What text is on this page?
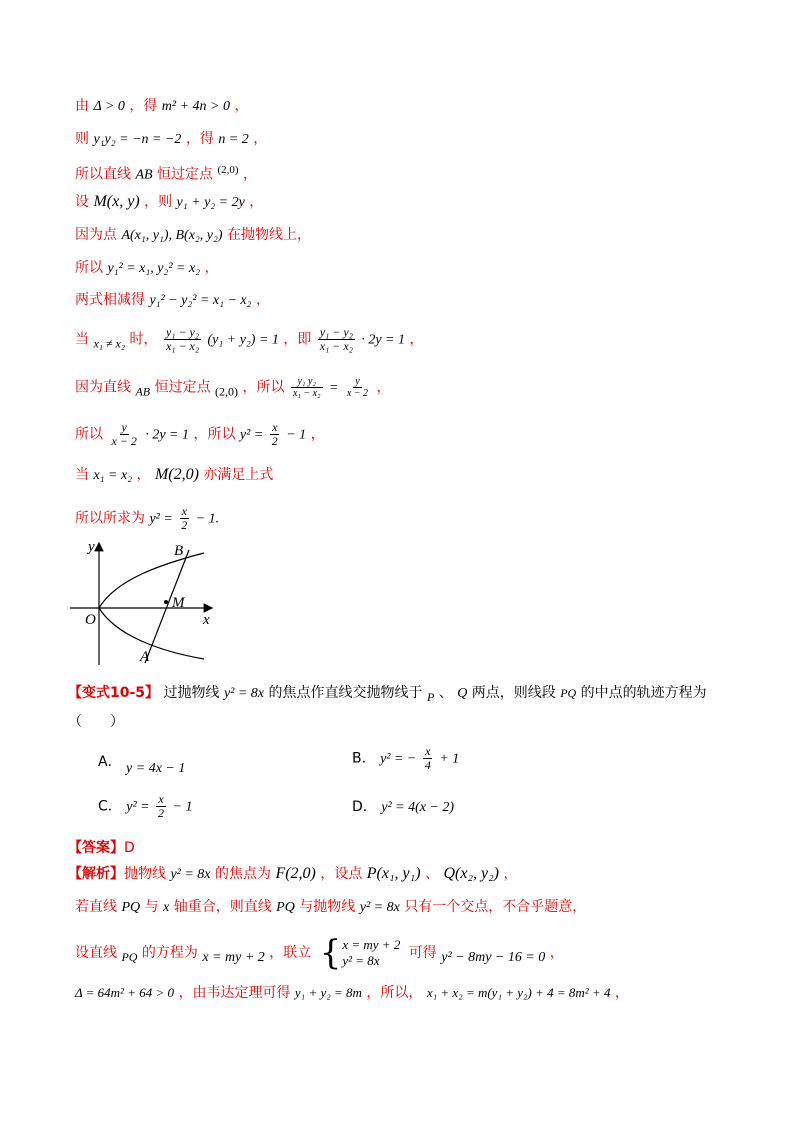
由 Δ > 0 ，得 m² + 4n > 0 ，
则 y₁y₂ = −n = −2 ，得 n = 2 ，
所以直线 AB 恒过定点 $^{(2,0)}$ ，
设 M(x, y) ，则 y₁ + y₂ = 2y ，
因为点 A(x₁, y₁), B(x₂, y₂) 在抛物线上，
所以 y₁² = x₁, y₂² = x₂ ，
两式相减得 y₁² − y₂² = x₁ − x₂ ，
当 x₁ ≠ x₂ 时， $\frac{\text{y₁ − y₂}}{\text{x₁ − x₂}} (y_1 + y_2) = 1$ ，即 $\frac{\text{y₁ − y₂}}{\text{x₁ − x₂}} \cdot 2y = 1$ ，
因为直线 AB 恒过定点 (2,0) ，所以 $\frac{\text{y₁ y₂}}{\text{x₁ − x₂}} = \frac{y}{x - 2}$ ，
所以 $\frac{y}{x - 2} \cdot 2y = 1$ ，所以 $y^2 = \frac{x}{2} - 1$ ，
当 x₁ = x₂ ， M(2,0) 亦满足上式
所以所求为 $y^2 = \frac{x}{2} - 1$.
y
x
O
B
A
M
【变式10-5】 过抛物线 y² = 8x 的焦点作直线交抛物线于 P 、 Q 两点，则线段 PQ 的中点的轨迹方程为
（　　）
A． y = 4x − 1
B． y² = − $\frac{x}{4} + 1$
C． $y^2 = \frac{x}{2} - 1$	D． y² = 4(x − 2)
【答案】D
【解析】抛物线 y² = 8x 的焦点为 F(2,0) ，设点 P(x₁, y₁) 、 Q(x₂, y₂) ，
若直线 PQ 与 x 轴重合，则直线 PQ 与抛物线 y² = 8x 只有一个交点，不合乎题意，
设直线 PQ 的方程为 x = my + 2 ，联立 { x = my + 2
y² = 8x	可得 y² − 8my − 16 = 0 ，
Δ = 64m² + 64 > 0 ，由韦达定理可得 y₁ + y₂ = 8m ，所以， x₁ + x₂ = m(y₁ + y₂) + 4 = 8m² + 4 ，
